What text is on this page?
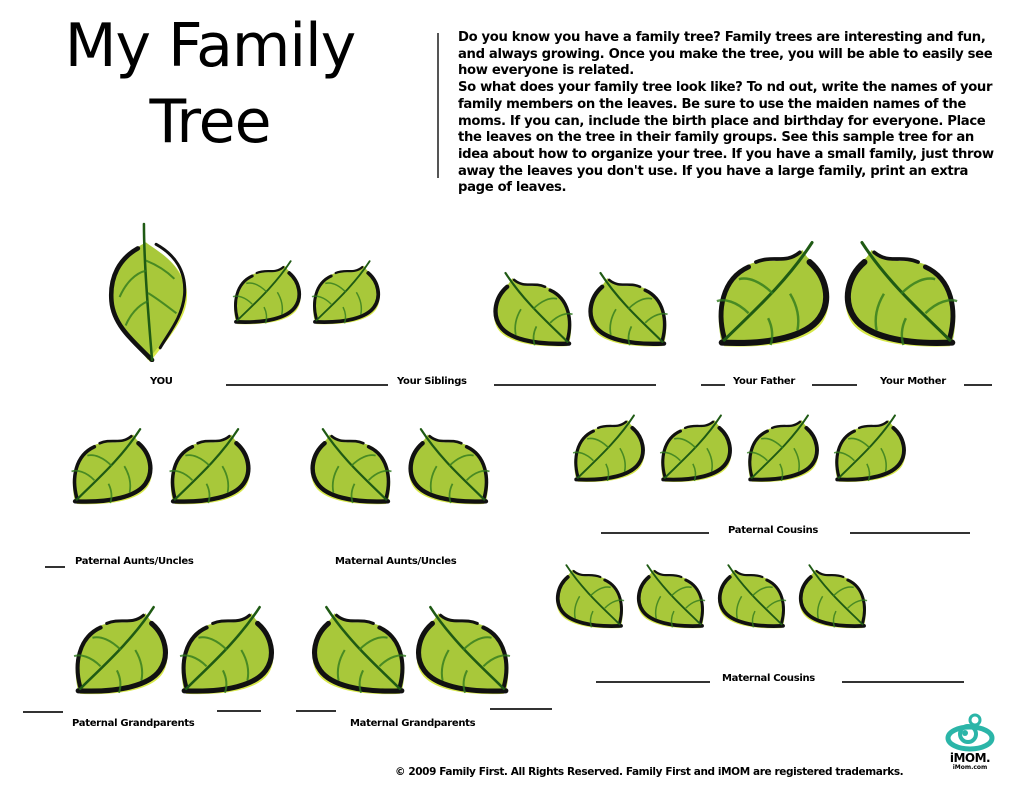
My Family
Tree

Do you know you have a family tree? Family trees are interesting and fun, and always growing. Once you make the tree, you will be able to easily see how everyone is related.

So what does your family tree look like? To nd out, write the names of your family members on the leaves. Be sure to use the maiden names of the moms. If you can, include the birth place and birthday for everyone. Place the leaves on the tree in their family groups. See this sample tree for an idea about how to organize your tree. If you have a small family, just throw away the leaves you don't use. If you have a large family, print an extra page of leaves.

YOU	Your Siblings	Your Father	Your Mother
Paternal Aunts/Uncles	Maternal Aunts/Uncles
Paternal Cousins
Maternal Cousins
Paternal Grandparents	Maternal Grandparents
© 2009 Family First. All Rights Reserved. Family First and iMOM are registered trademarks.
iMOM.
iMom.com
